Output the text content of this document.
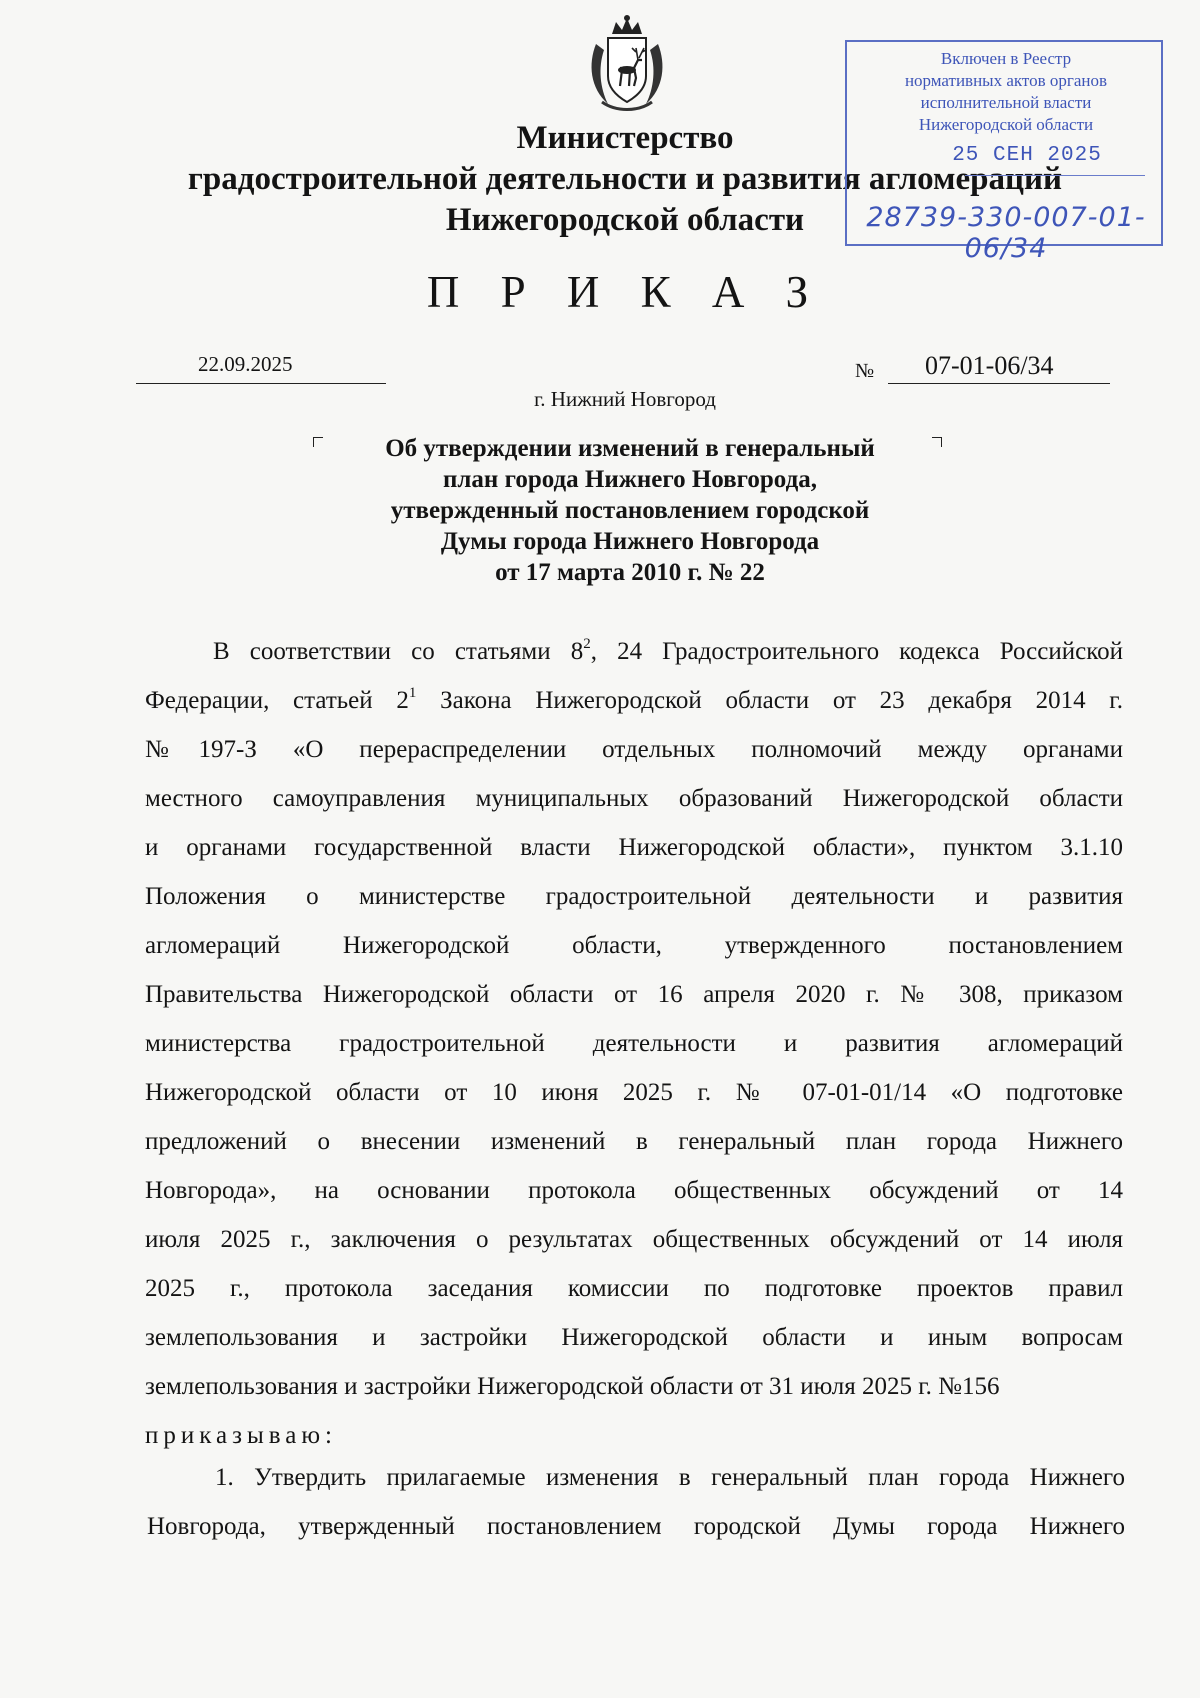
Министерство
градостроительной деятельности и развития агломераций
Нижегородской области
Включен в Реестр
нормативных актов органов
исполнительной власти
Нижегородской области
25 СЕН 2025
28739-330-007-01-06/34
П Р И К А З
22.09.2025	№ 07-01-06/34
г. Нижний Новгород
Об утверждении изменений в генеральный
план города Нижнего Новгорода,
утвержденный постановлением городской
Думы города Нижнего Новгорода
от 17 марта 2010 г. № 22

В соответствии со статьями $8^2$, 24 Градостроительного кодекса Российской

Федерации, статьей $2^1$ Закона Нижегородской области от 23 декабря 2014 г.

№197-З «О перераспределении отдельных полномочий между органами

местного самоуправления муниципальных образований Нижегородской области

и органами государственной власти Нижегородской области», пунктом 3.1.10

Положения о министерстве градостроительной деятельности и развития

агломераций Нижегородской области, утвержденного постановлением

Правительства Нижегородской области от 16 апреля 2020 г. № 308, приказом

министерства градостроительной деятельности и развития агломераций

Нижегородской области от 10 июня 2025 г. № 07-01-01/14 «О подготовке

предложений о внесении изменений в генеральный план города Нижнего

Новгорода», на основании протокола общественных обсуждений от 14

июля 2025 г., заключения о результатах общественных обсуждений от 14 июля

2025 г., протокола заседания комиссии по подготовке проектов правил

землепользования и застройки Нижегородской области и иным вопросам

землепользования и застройки Нижегородской области от 31 июля 2025 г. №156

приказываю:

1. Утвердить прилагаемые изменения в генеральный план города Нижнего

Новгорода, утвержденный постановлением городской Думы города Нижнего
